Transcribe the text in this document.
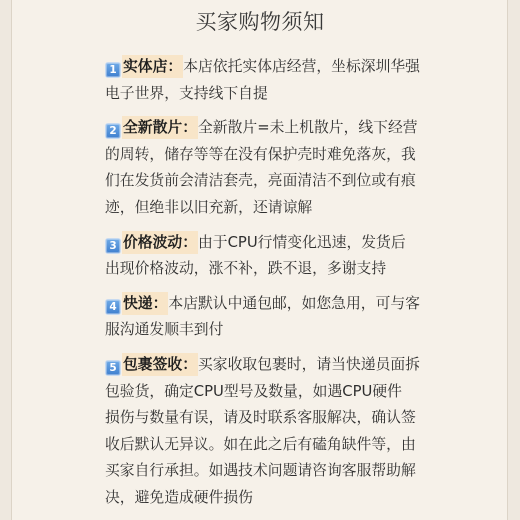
买家购物须知
1 实体店：本店依托实体店经营，坐标深圳华强
电子世界，支持线下自提
2 全新散片：全新散片=未上机散片，线下经营
的周转，储存等等在没有保护壳时难免落灰，我
们在发货前会清洁套壳，亮面清洁不到位或有痕
迹，但绝非以旧充新，还请谅解
3 价格波动：由于CPU行情变化迅速，发货后
出现价格波动，涨不补，跌不退，多谢支持
4 快递：本店默认中通包邮，如您急用，可与客
服沟通发顺丰到付
5 包裹签收：买家收取包裹时，请当快递员面拆
包验货，确定CPU型号及数量，如遇CPU硬件
损伤与数量有误，请及时联系客服解决，确认签
收后默认无异议。如在此之后有磕角缺件等，由
买家自行承担。如遇技术问题请咨询客服帮助解
决，避免造成硬件损伤
